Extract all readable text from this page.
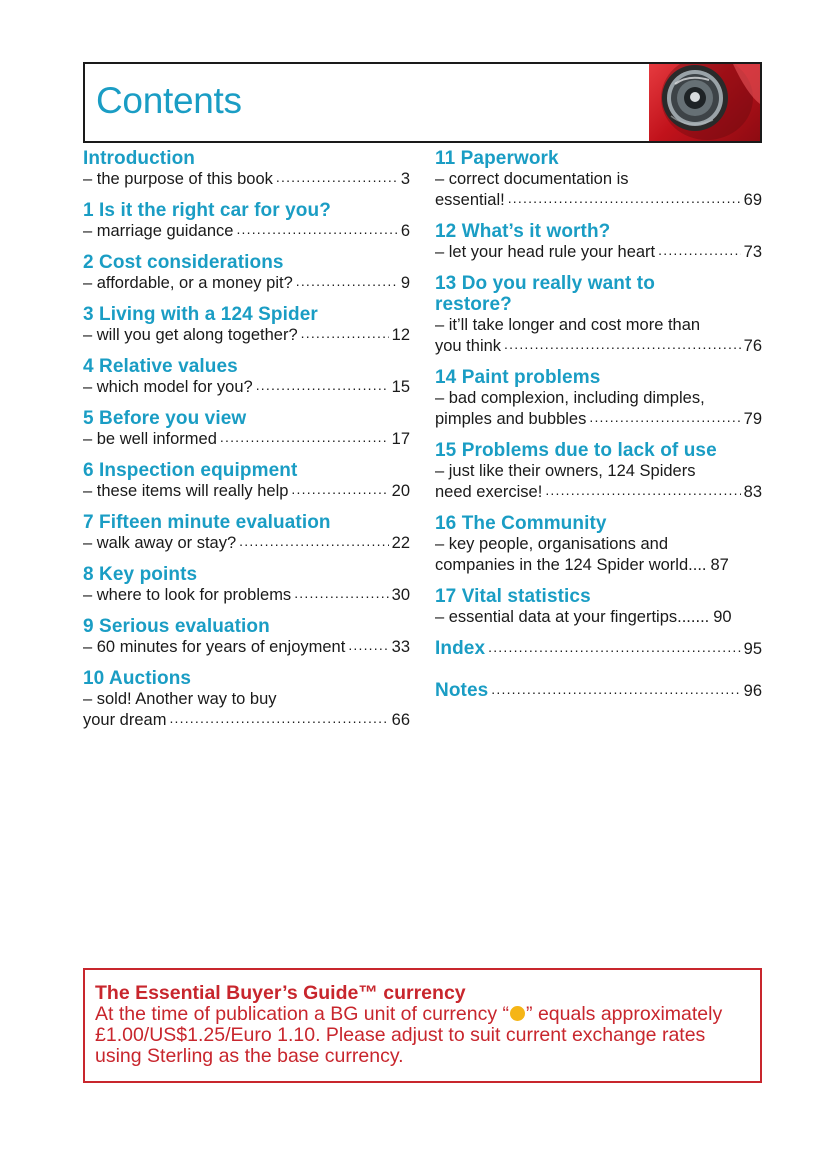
Contents
Introduction
– the purpose of this book .....	3
1 Is it the right car for you?
– marriage guidance .....	6
2 Cost considerations
– affordable, or a money pit? .....	9
3 Living with a 124 Spider
– will you get along together? .....	12
4 Relative values
– which model for you? .....	15
5 Before you view
– be well informed .....	17
6 Inspection equipment
– these items will really help .....	20
7 Fifteen minute evaluation
– walk away or stay? .....	22
8 Key points
– where to look for problems .....	30
9 Serious evaluation
– 60 minutes for years of enjoyment .....	33
10 Auctions
– sold! Another way to buy
your dream .....	66
11 Paperwork
– correct documentation is
essential! .....	69
12 What’s it worth?
– let your head rule your heart .....	73
13 Do you really want to restore?
– it’ll take longer and cost more than
you think .....	76
14 Paint problems
– bad complexion, including dimples,
pimples and bubbles .....	79
15 Problems due to lack of use
– just like their owners, 124 Spiders
need exercise! .....	83
16 The Community
– key people, organisations and
companies in the 124 Spider world.... 87
17 Vital statistics
– essential data at your fingertips....... 90
Index .....	95
Notes .....	96
The Essential Buyer’s Guide™ currency
At the time of publication a BG unit of currency “ ” equals approximately £1.00/US$1.25/Euro 1.10. Please adjust to suit current exchange rates using Sterling as the base currency.
